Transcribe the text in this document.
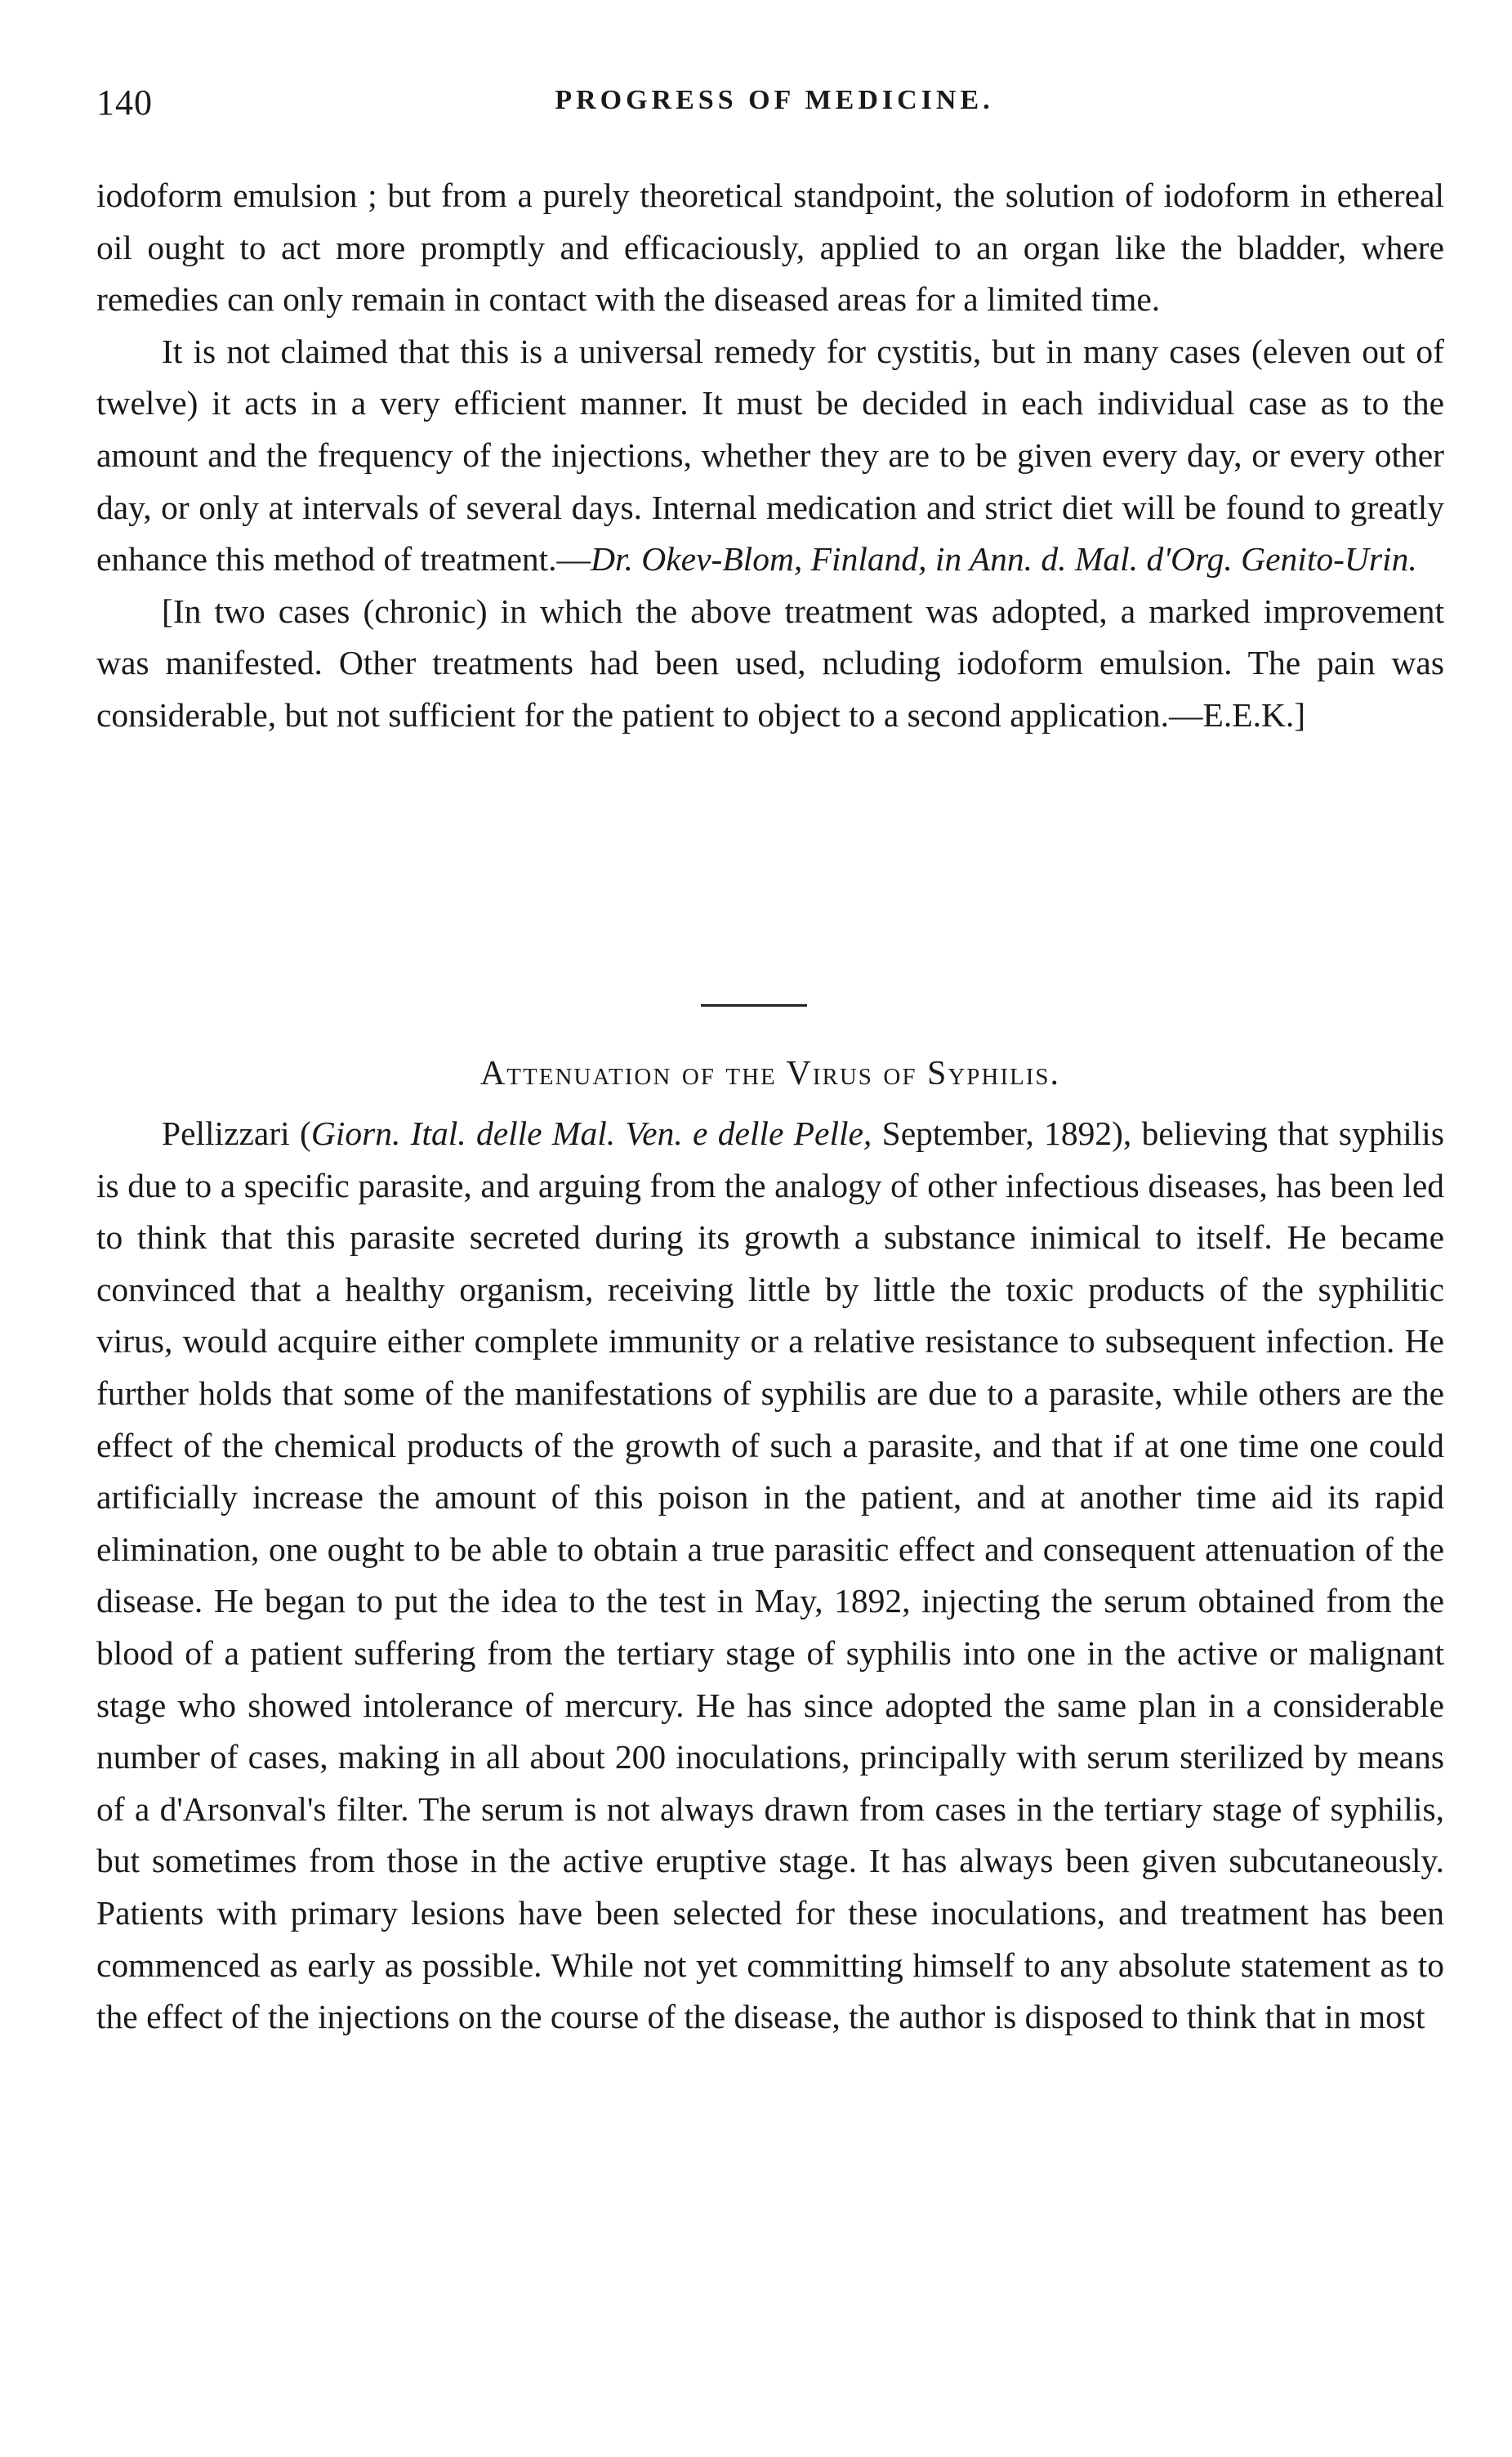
140	PROGRESS OF MEDICINE.

iodoform emulsion ; but from a purely theoretical standpoint, the solution of iodoform in ethereal oil ought to act more promptly and efficaciously, applied to an organ like the bladder, where remedies can only remain in contact with the diseased areas for a limited time.

It is not claimed that this is a universal remedy for cystitis, but in many cases (eleven out of twelve) it acts in a very efficient manner. It must be decided in each individual case as to the amount and the frequency of the injections, whether they are to be given every day, or every other day, or only at intervals of several days. Internal medication and strict diet will be found to greatly enhance this method of treatment.—Dr. Okev-Blom, Finland, in Ann. d. Mal. d'Org. Genito-Urin.

[In two cases (chronic) in which the above treatment was adopted, a marked improvement was manifested. Other treatments had been used, ncluding iodoform emulsion. The pain was considerable, but not sufficient for the patient to object to a second application.—E.E.K.]

Attenuation of the Virus of Syphilis.

Pellizzari (Giorn. Ital. delle Mal. Ven. e delle Pelle, September, 1892), believing that syphilis is due to a specific parasite, and arguing from the analogy of other infectious diseases, has been led to think that this parasite secreted during its growth a substance inimical to itself. He became convinced that a healthy organism, receiving little by little the toxic products of the syphilitic virus, would acquire either complete immunity or a relative resistance to subsequent infection. He further holds that some of the manifestations of syphilis are due to a parasite, while others are the effect of the chemical products of the growth of such a parasite, and that if at one time one could artificially increase the amount of this poison in the patient, and at another time aid its rapid elimination, one ought to be able to obtain a true parasitic effect and consequent attenuation of the disease. He began to put the idea to the test in May, 1892, injecting the serum obtained from the blood of a patient suffering from the tertiary stage of syphilis into one in the active or malignant stage who showed intolerance of mercury. He has since adopted the same plan in a considerable number of cases, making in all about 200 inoculations, principally with serum sterilized by means of a d'Arsonval's filter. The serum is not always drawn from cases in the tertiary stage of syphilis, but sometimes from those in the active eruptive stage. It has always been given subcutaneously. Patients with primary lesions have been selected for these inoculations, and treatment has been commenced as early as possible. While not yet committing himself to any absolute statement as to the effect of the injections on the course of the disease, the author is disposed to think that in most
